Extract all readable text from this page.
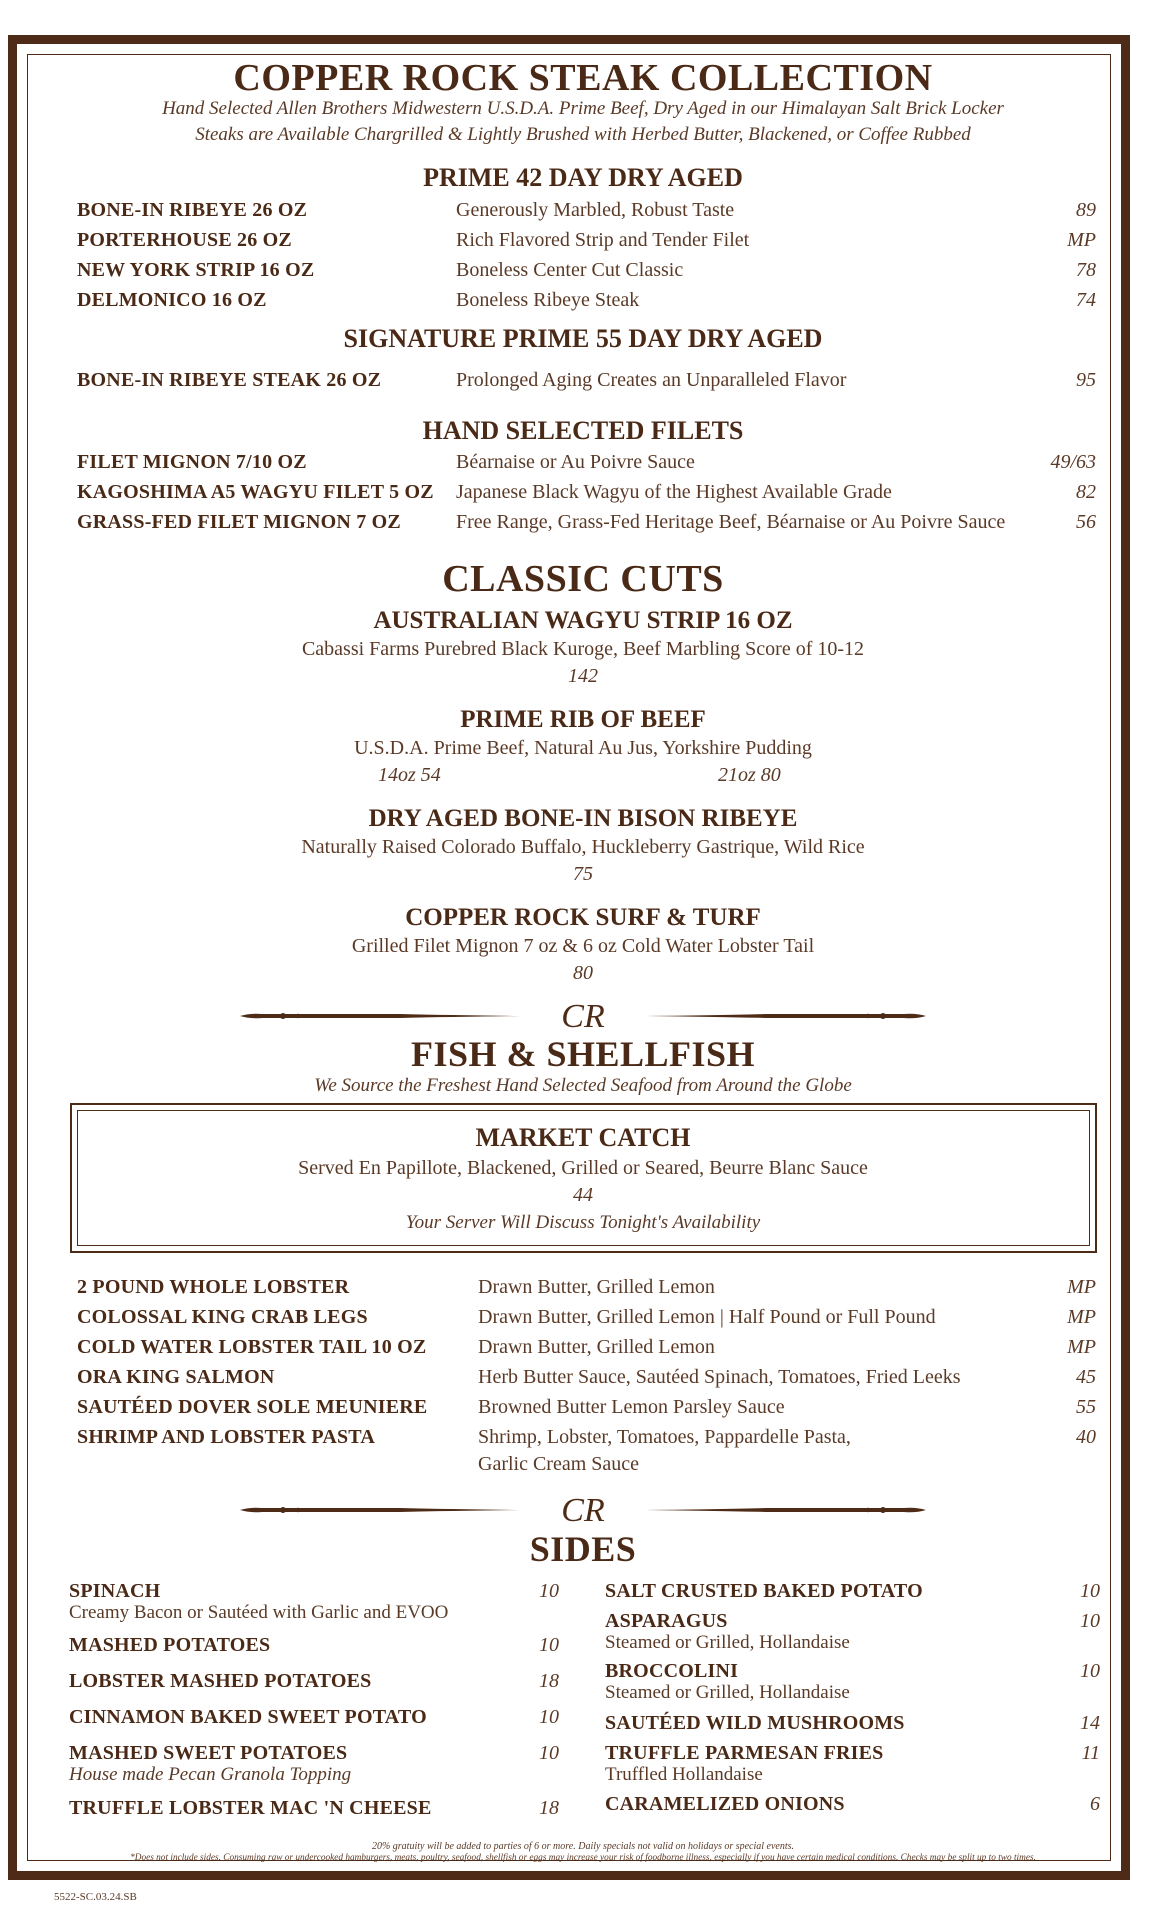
COPPER ROCK STEAK COLLECTION
Hand Selected Allen Brothers Midwestern U.S.D.A. Prime Beef, Dry Aged in our Himalayan Salt Brick Locker
Steaks are Available Chargrilled & Lightly Brushed with Herbed Butter, Blackened, or Coffee Rubbed
PRIME 42 DAY DRY AGED
BONE-IN RIBEYE 26 OZ	Generously Marbled, Robust Taste	89
PORTERHOUSE 26 OZ	Rich Flavored Strip and Tender Filet	MP
NEW YORK STRIP 16 OZ	Boneless Center Cut Classic	78
DELMONICO 16 OZ	Boneless Ribeye Steak	74
SIGNATURE PRIME 55 DAY DRY AGED
BONE-IN RIBEYE STEAK 26 OZ	Prolonged Aging Creates an Unparalleled Flavor	95
HAND SELECTED FILETS
FILET MIGNON 7/10 OZ	Béarnaise or Au Poivre Sauce	49/63
KAGOSHIMA A5 WAGYU FILET 5 OZ Japanese Black Wagyu of the Highest Available Grade	82
GRASS-FED FILET MIGNON 7 OZ	Free Range, Grass-Fed Heritage Beef, Béarnaise or Au Poivre Sauce	56
CLASSIC CUTS
AUSTRALIAN WAGYU STRIP 16 OZ
Cabassi Farms Purebred Black Kuroge, Beef Marbling Score of 10-12
142
PRIME RIB OF BEEF
U.S.D.A. Prime Beef, Natural Au Jus, Yorkshire Pudding
14oz 54	21oz 80
DRY AGED BONE-IN BISON RIBEYE
Naturally Raised Colorado Buffalo, Huckleberry Gastrique, Wild Rice
75
COPPER ROCK SURF & TURF
Grilled Filet Mignon 7 oz & 6 oz Cold Water Lobster Tail
80
CR
FISH & SHELLFISH
We Source the Freshest Hand Selected Seafood from Around the Globe
MARKET CATCH
Served En Papillote, Blackened, Grilled or Seared, Beurre Blanc Sauce
44
Your Server Will Discuss Tonight's Availability
2 POUND WHOLE LOBSTER	Drawn Butter, Grilled Lemon	MP
COLOSSAL KING CRAB LEGS	Drawn Butter, Grilled Lemon | Half Pound or Full Pound	MP
COLD WATER LOBSTER TAIL 10 OZ	Drawn Butter, Grilled Lemon	MP
ORA KING SALMON	Herb Butter Sauce, Sautéed Spinach, Tomatoes, Fried Leeks	45
SAUTÉED DOVER SOLE MEUNIERE	Browned Butter Lemon Parsley Sauce	55
SHRIMP AND LOBSTER PASTA	Shrimp, Lobster, Tomatoes, Pappardelle Pasta,	40
Garlic Cream Sauce
CR
SIDES
SPINACH
Creamy Bacon or Sautéed with Garlic and EVOO
10
MASHED POTATOES	10
LOBSTER MASHED POTATOES	18
CINNAMON BAKED SWEET POTATO	10
MASHED SWEET POTATOES
House made Pecan Granola Topping
10
TRUFFLE LOBSTER MAC 'N CHEESE	18
SALT CRUSTED BAKED POTATO	10
ASPARAGUS
Steamed or Grilled, Hollandaise
10
BROCCOLINI
Steamed or Grilled, Hollandaise
10
SAUTÉED WILD MUSHROOMS	14
TRUFFLE PARMESAN FRIES
Truffled Hollandaise
11
CARAMELIZED ONIONS	6
20% gratuity will be added to parties of 6 or more. Daily specials not valid on holidays or special events.
*Does not include sides. Consuming raw or undercooked hamburgers, meats, poultry, seafood, shellfish or eggs may increase your risk of foodborne illness, especially if you have certain medical conditions. Checks may be split up to two times.
5522-SC.03.24.SB
